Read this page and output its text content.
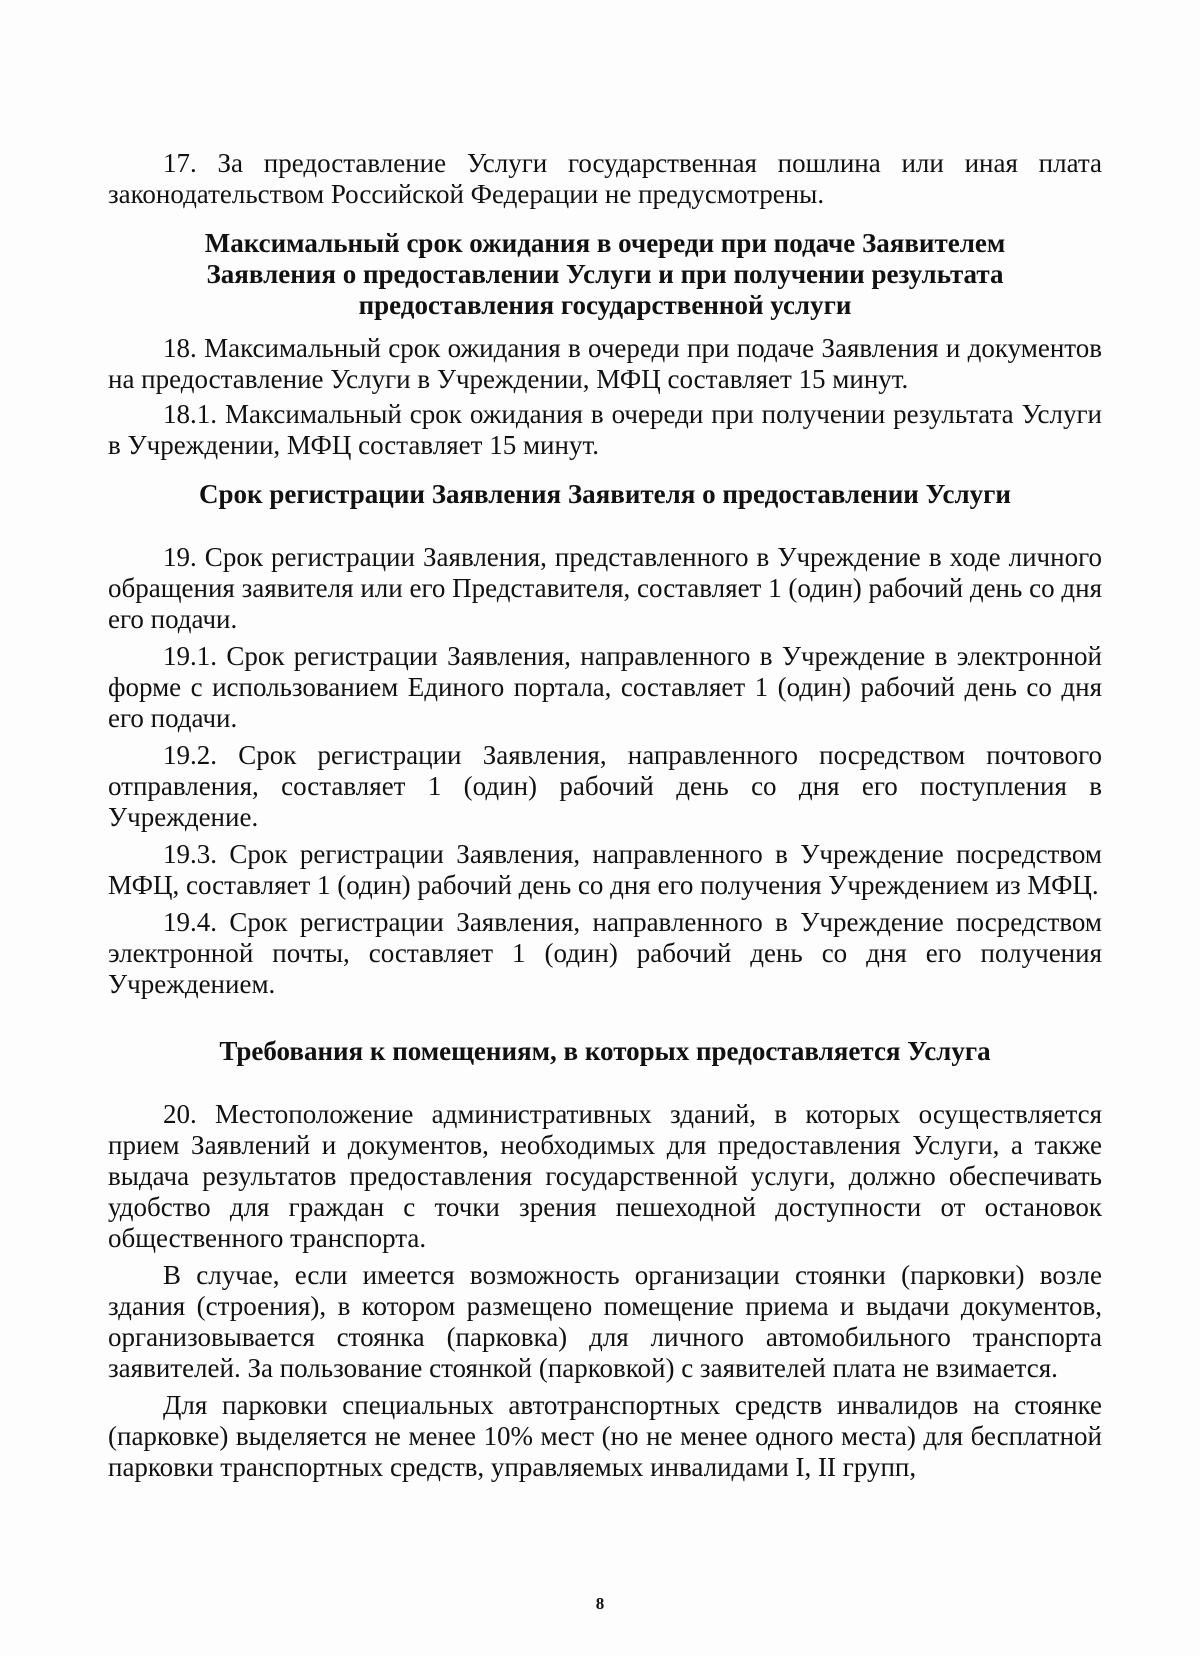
17. За предоставление Услуги государственная пошлина или иная плата законодательством Российской Федерации не предусмотрены.

Максимальный срок ожидания в очереди при подаче Заявителем Заявления о предоставлении Услуги и при получении результата предоставления государственной услуги

18. Максимальный срок ожидания в очереди при подаче Заявления и документов на предоставление Услуги в Учреждении, МФЦ составляет 15 минут.

18.1. Максимальный срок ожидания в очереди при получении результата Услуги в Учреждении, МФЦ составляет 15 минут.

Срок регистрации Заявления Заявителя о предоставлении Услуги

19. Срок регистрации Заявления, представленного в Учреждение в ходе личного обращения заявителя или его Представителя, составляет 1 (один) рабочий день со дня его подачи.

19.1. Срок регистрации Заявления, направленного в Учреждение в электронной форме с использованием Единого портала, составляет 1 (один) рабочий день со дня его подачи.

19.2. Срок регистрации Заявления, направленного посредством почтового отправления, составляет 1 (один) рабочий день со дня его поступления в Учреждение.

19.3. Срок регистрации Заявления, направленного в Учреждение посредством МФЦ, составляет 1 (один) рабочий день со дня его получения Учреждением из МФЦ.

19.4. Срок регистрации Заявления, направленного в Учреждение посредством электронной почты, составляет 1 (один) рабочий день со дня его получения Учреждением.

Требования к помещениям, в которых предоставляется Услуга

20. Местоположение административных зданий, в которых осуществляется прием Заявлений и документов, необходимых для предоставления Услуги, а также выдача результатов предоставления государственной услуги, должно обеспечивать удобство для граждан с точки зрения пешеходной доступности от остановок общественного транспорта.

В случае, если имеется возможность организации стоянки (парковки) возле здания (строения), в котором размещено помещение приема и выдачи документов, организовывается стоянка (парковка) для личного автомобильного транспорта заявителей. За пользование стоянкой (парковкой) с заявителей плата не взимается.

Для парковки специальных автотранспортных средств инвалидов на стоянке (парковке) выделяется не менее 10% мест (но не менее одного места) для бесплатной парковки транспортных средств, управляемых инвалидами I, II групп,

8
